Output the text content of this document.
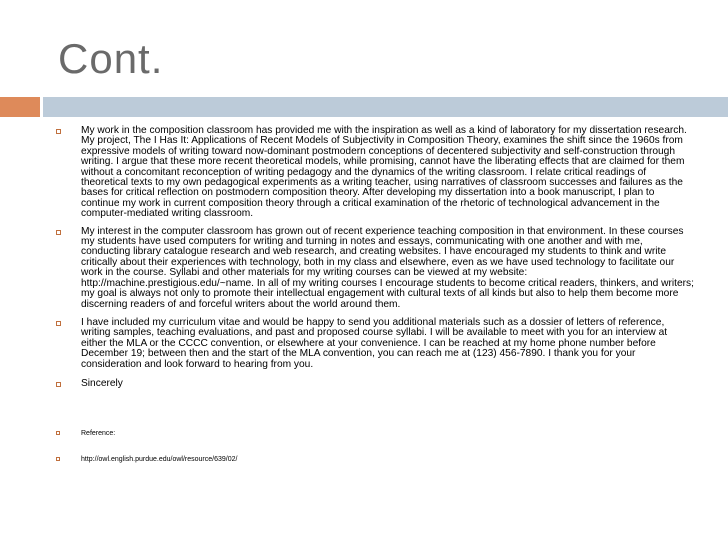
Cont.
My work in the composition classroom has provided me with the inspiration as well as a kind of laboratory for my dissertation research. My project, The I Has It: Applications of Recent Models of Subjectivity in Composition Theory, examines the shift since the 1960s from expressive models of writing toward now-dominant postmodern conceptions of decentered subjectivity and self-construction through writing. I argue that these more recent theoretical models, while promising, cannot have the liberating effects that are claimed for them without a concomitant reconception of writing pedagogy and the dynamics of the writing classroom. I relate critical readings of theoretical texts to my own pedagogical experiments as a writing teacher, using narratives of classroom successes and failures as the bases for critical reflection on postmodern composition theory. After developing my dissertation into a book manuscript, I plan to continue my work in current composition theory through a critical examination of the rhetoric of technological advancement in the computer-mediated writing classroom.
My interest in the computer classroom has grown out of recent experience teaching composition in that environment. In these courses my students have used computers for writing and turning in notes and essays, communicating with one another and with me, conducting library catalogue research and web research, and creating websites. I have encouraged my students to think and write critically about their experiences with technology, both in my class and elsewhere, even as we have used technology to facilitate our work in the course. Syllabi and other materials for my writing courses can be viewed at my website: http://machine.prestigious.edu/~name. In all of my writing courses I encourage students to become critical readers, thinkers, and writers; my goal is always not only to promote their intellectual engagement with cultural texts of all kinds but also to help them become more discerning readers of and forceful writers about the world around them.
I have included my curriculum vitae and would be happy to send you additional materials such as a dossier of letters of reference, writing samples, teaching evaluations, and past and proposed course syllabi. I will be available to meet with you for an interview at either the MLA or the CCCC convention, or elsewhere at your convenience. I can be reached at my home phone number before December 19; between then and the start of the MLA convention, you can reach me at (123) 456-7890. I thank you for your consideration and look forward to hearing from you.
Sincerely
Reference:
http://owl.english.purdue.edu/owl/resource/639/02/
